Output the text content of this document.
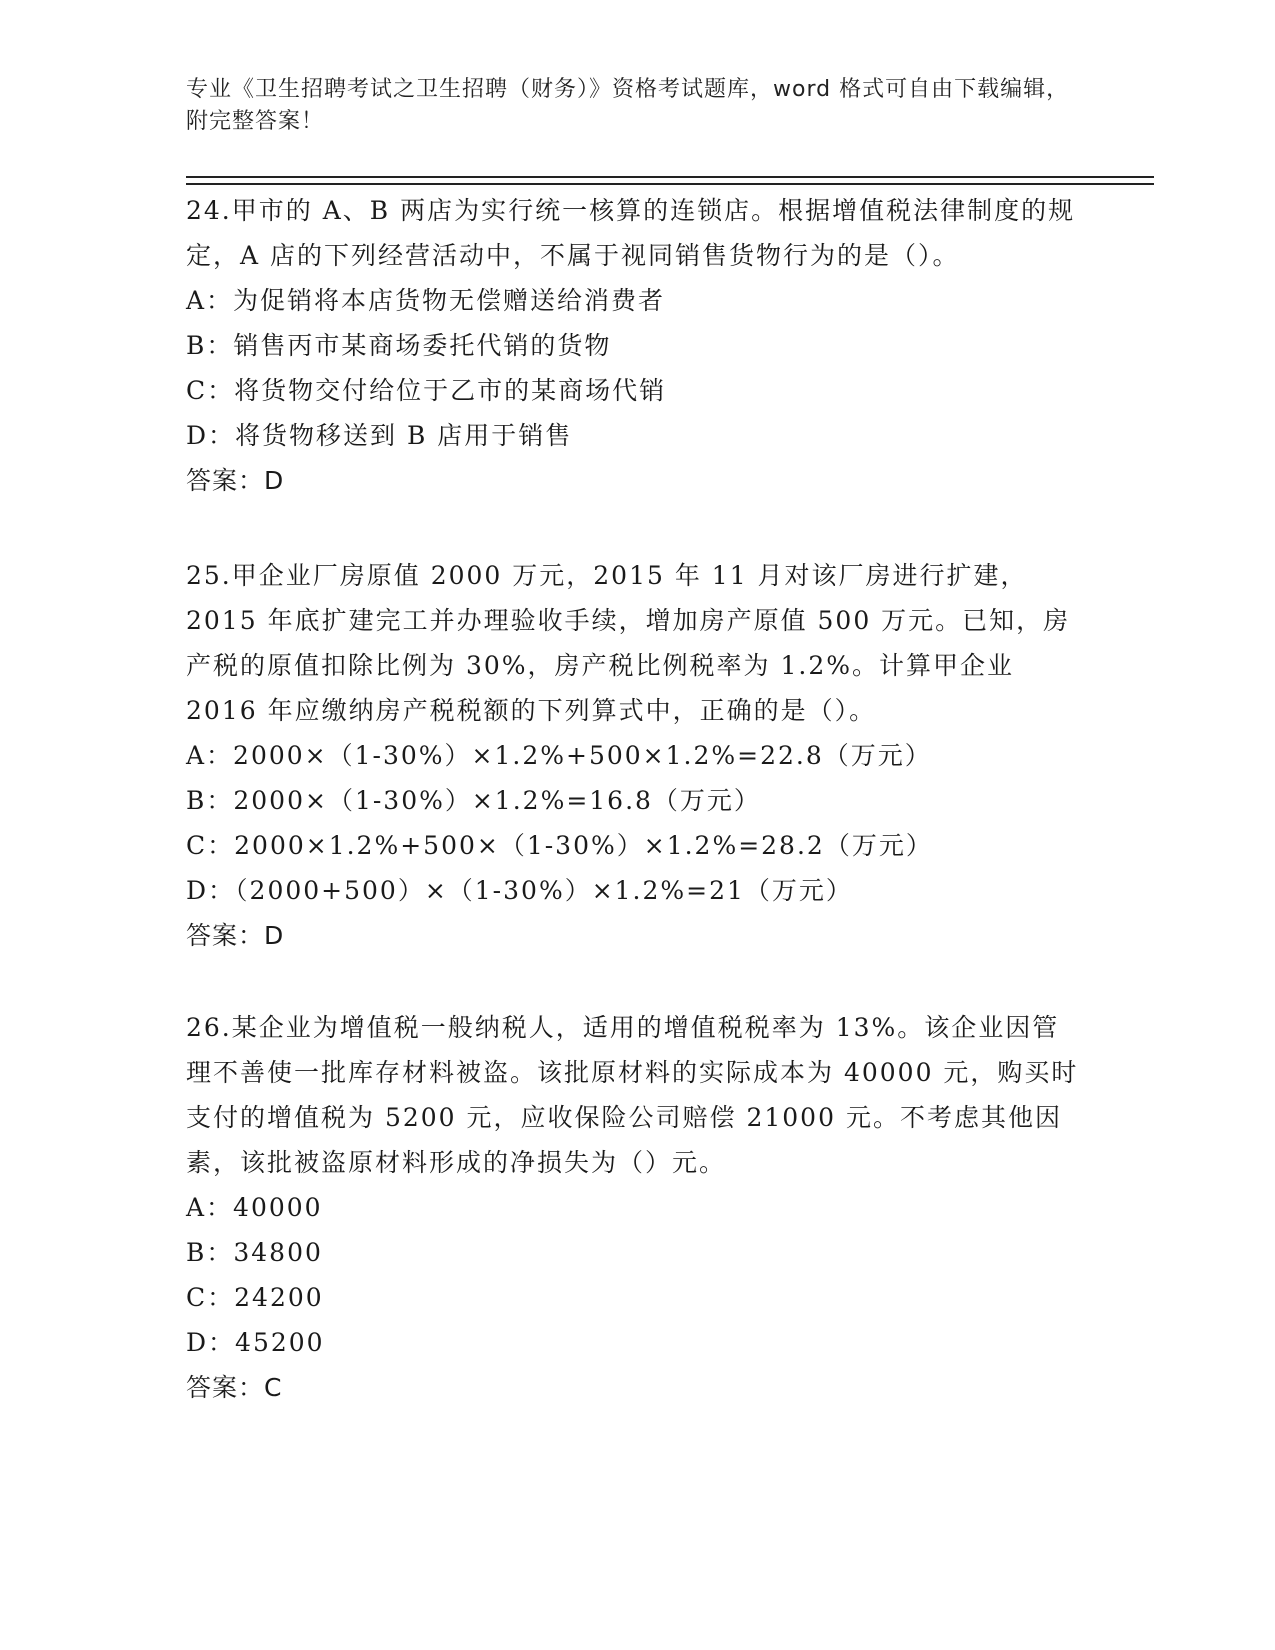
专业《卫生招聘考试之卫生招聘（财务）》资格考试题库，word 格式可自由下载编辑，附完整答案！
24.甲市的 A、B 两店为实行统一核算的连锁店。根据增值税法律制度的规定，A 店的下列经营活动中，不属于视同销售货物行为的是（）。
A：为促销将本店货物无偿赠送给消费者
B：销售丙市某商场委托代销的货物
C：将货物交付给位于乙市的某商场代销
D：将货物移送到 B 店用于销售
答案：D
25.甲企业厂房原值 2000 万元，2015 年 11 月对该厂房进行扩建，2015 年底扩建完工并办理验收手续，增加房产原值 500 万元。已知，房产税的原值扣除比例为 30%，房产税比例税率为 1.2%。计算甲企业 2016 年应缴纳房产税税额的下列算式中，正确的是（）。
A：2000×（1-30%）×1.2%+500×1.2%=22.8（万元）
B：2000×（1-30%）×1.2%=16.8（万元）
C：2000×1.2%+500×（1-30%）×1.2%=28.2（万元）
D：（2000+500）×（1-30%）×1.2%=21（万元）
答案：D
26.某企业为增值税一般纳税人，适用的增值税税率为 13%。该企业因管理不善使一批库存材料被盗。该批原材料的实际成本为 40000 元，购买时支付的增值税为 5200 元，应收保险公司赔偿 21000 元。不考虑其他因素，该批被盗原材料形成的净损失为（）元。
A：40000
B：34800
C：24200
D：45200
答案：C
